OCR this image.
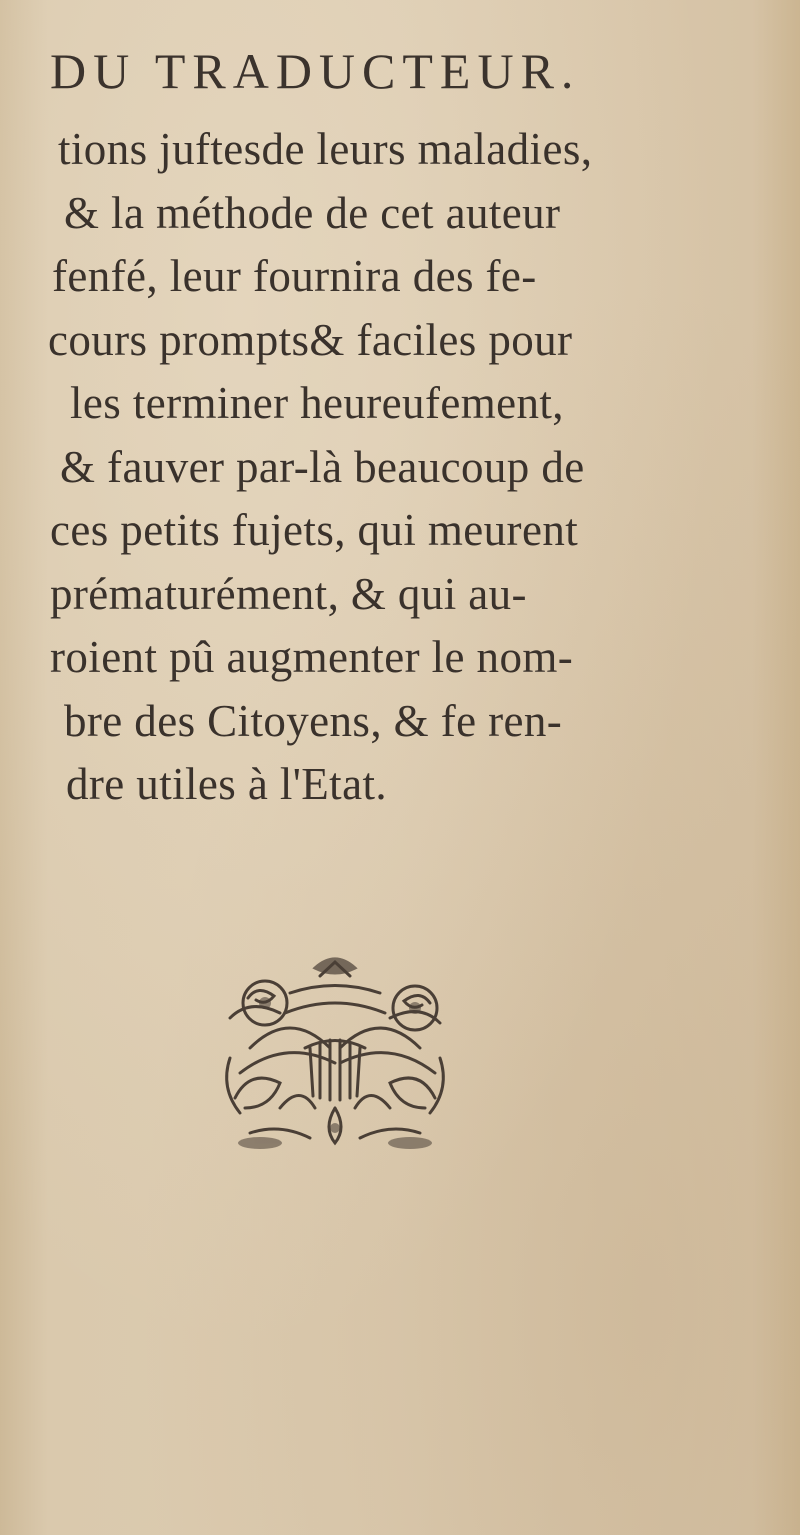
DU TRADUCTEUR.
tions juftesde leurs maladies,
& la méthode de cet auteur
fenfé, leur fournira des fe-
cours prompts& faciles pour
les terminer heureufement,
& fauver par-là beaucoup de
ces petits fujets, qui meurent
prématurément, & qui au-
roient pû augmenter le nom-
bre des Citoyens, & fe ren-
dre utiles à l'Etat.
